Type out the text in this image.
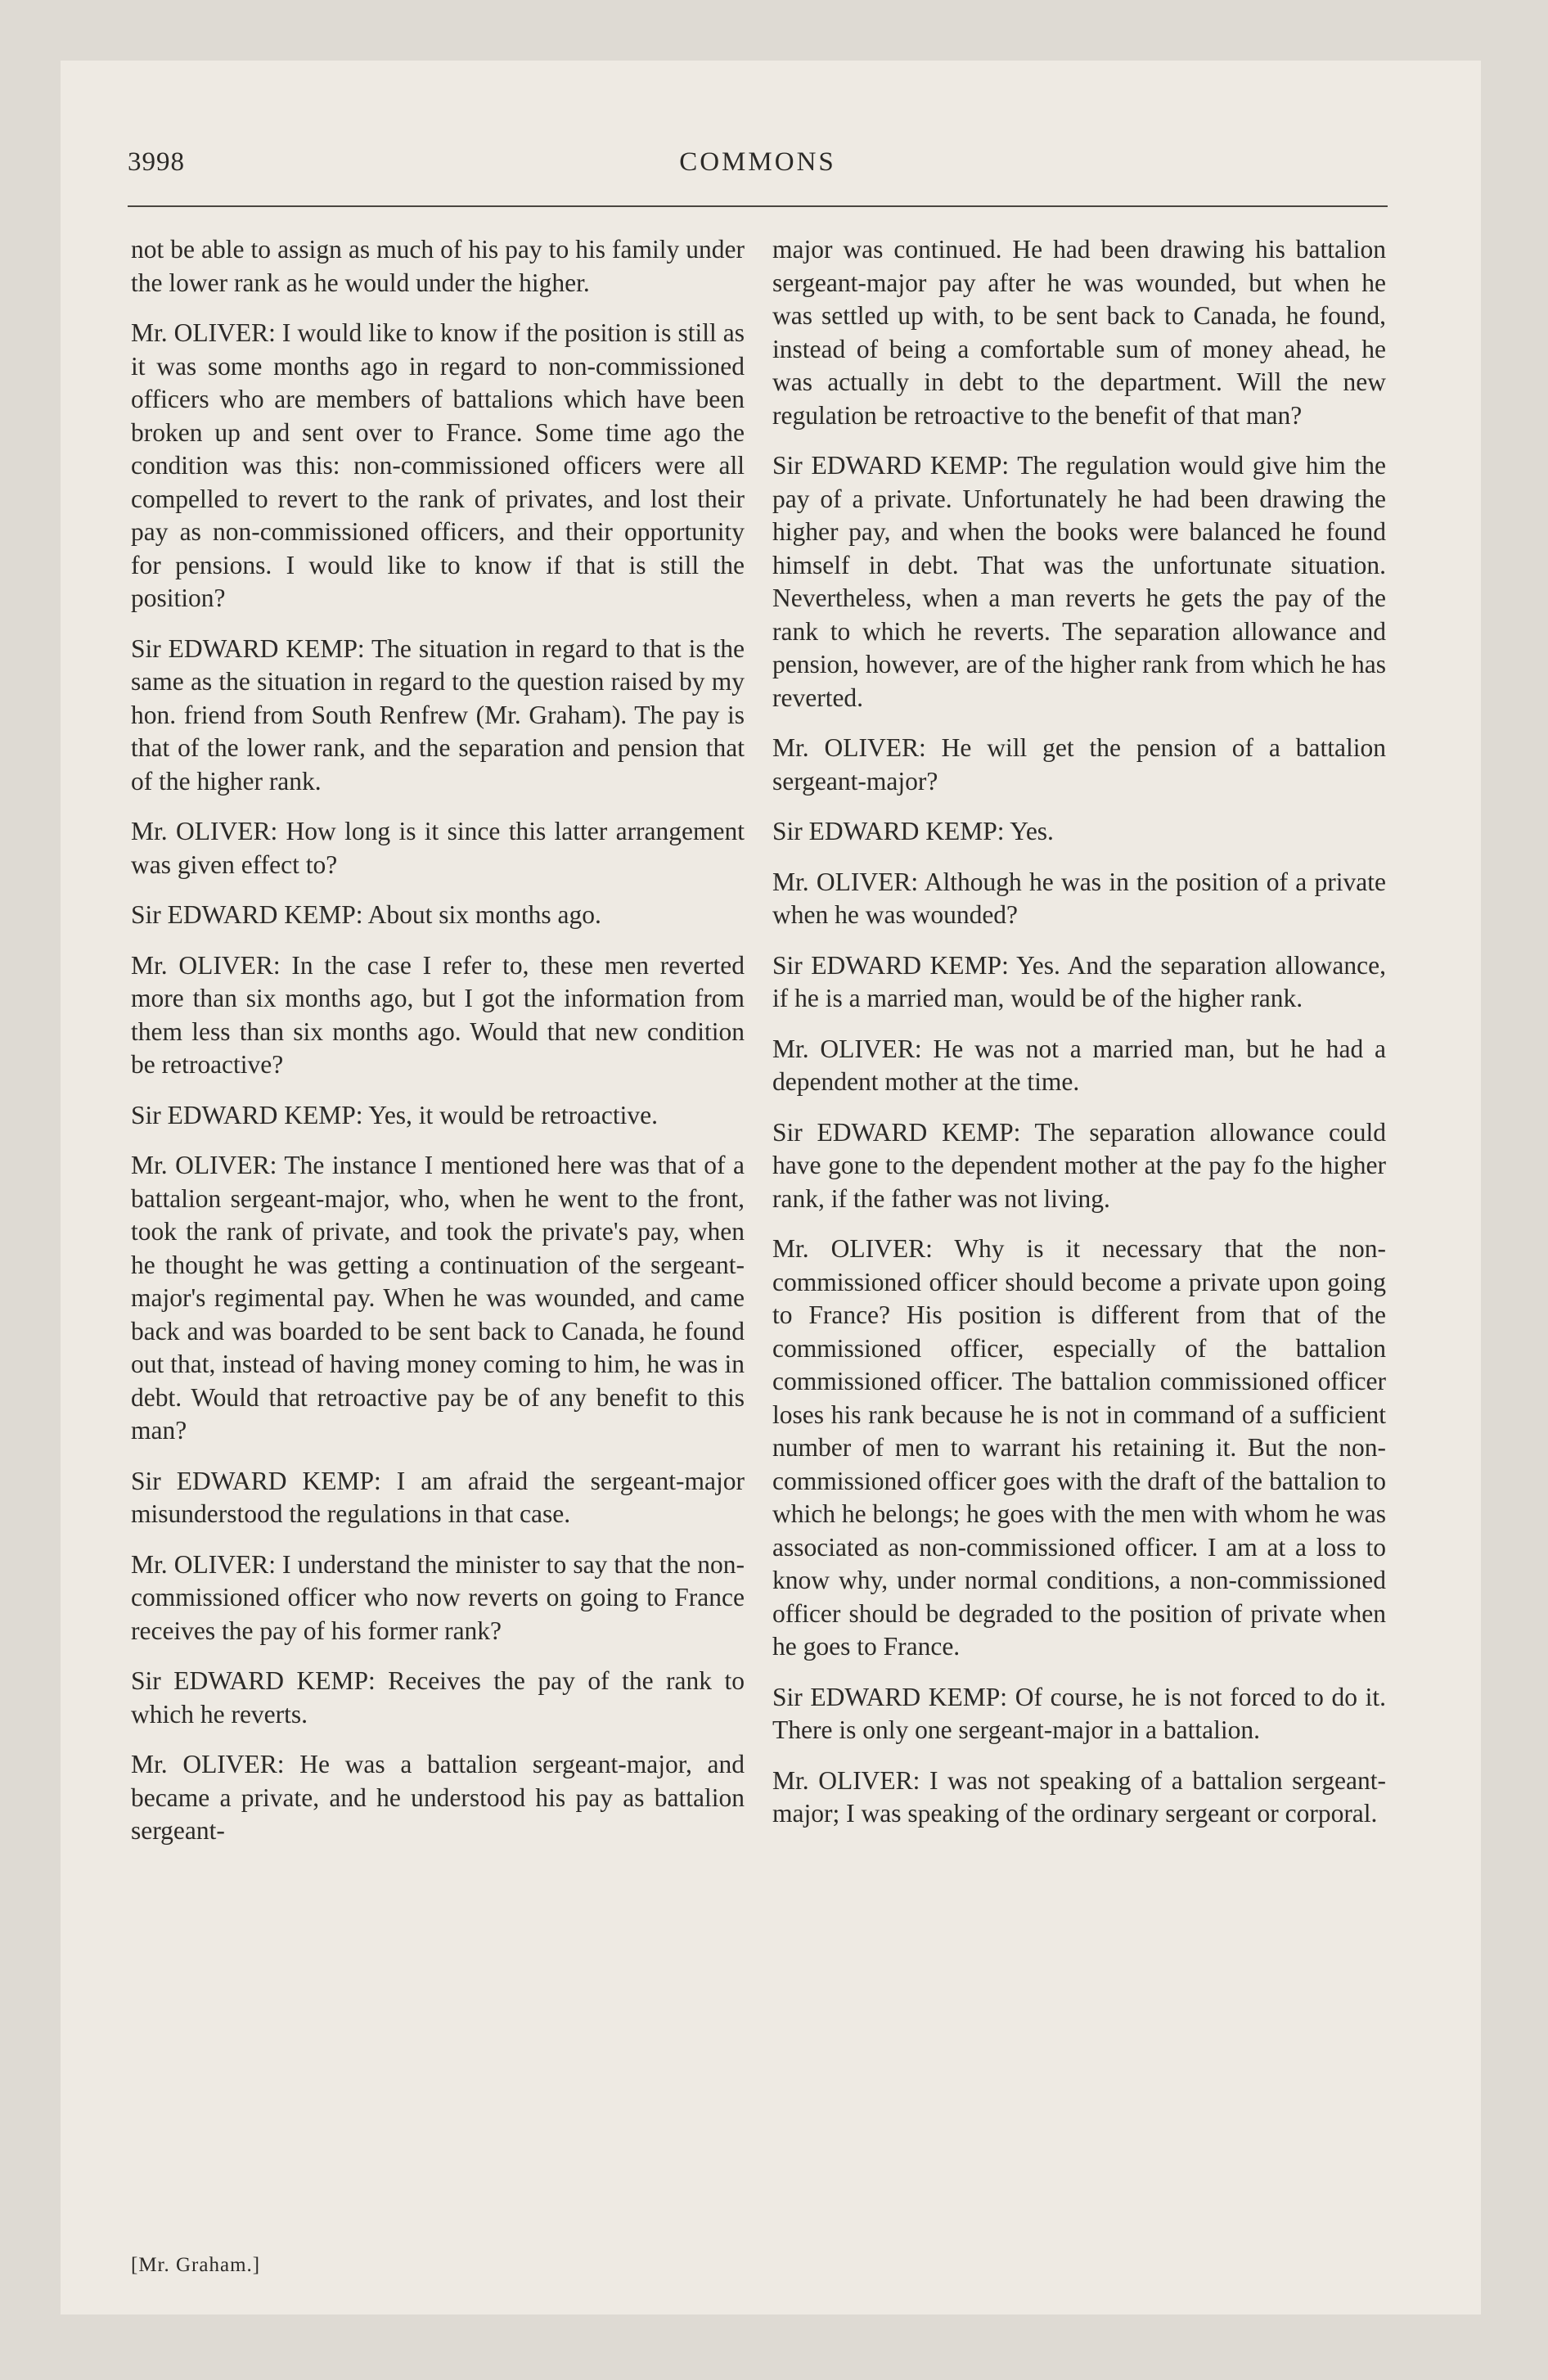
3998	COMMONS

not be able to assign as much of his pay to his family under the lower rank as he would under the higher.

Mr. OLIVER: I would like to know if the position is still as it was some months ago in regard to non-commissioned officers who are members of battalions which have been broken up and sent over to France. Some time ago the condition was this: non-commissioned officers were all compelled to revert to the rank of privates, and lost their pay as non-commissioned officers, and their opportunity for pensions. I would like to know if that is still the position?

Sir EDWARD KEMP: The situation in regard to that is the same as the situation in regard to the question raised by my hon. friend from South Renfrew (Mr. Graham). The pay is that of the lower rank, and the separation and pension that of the higher rank.

Mr. OLIVER: How long is it since this latter arrangement was given effect to?

Sir EDWARD KEMP: About six months ago.

Mr. OLIVER: In the case I refer to, these men reverted more than six months ago, but I got the information from them less than six months ago. Would that new condition be retroactive?

Sir EDWARD KEMP: Yes, it would be retroactive.

Mr. OLIVER: The instance I mentioned here was that of a battalion sergeant-major, who, when he went to the front, took the rank of private, and took the private's pay, when he thought he was getting a continuation of the sergeant-major's regimental pay. When he was wounded, and came back and was boarded to be sent back to Canada, he found out that, instead of having money coming to him, he was in debt. Would that retroactive pay be of any benefit to this man?

Sir EDWARD KEMP: I am afraid the sergeant-major misunderstood the regulations in that case.

Mr. OLIVER: I understand the minister to say that the non-commissioned officer who now reverts on going to France receives the pay of his former rank?

Sir EDWARD KEMP: Receives the pay of the rank to which he reverts.

Mr. OLIVER: He was a battalion sergeant-major, and became a private, and he understood his pay as battalion sergeant-

[Mr. Graham.]

major was continued. He had been drawing his battalion sergeant-major pay after he was wounded, but when he was settled up with, to be sent back to Canada, he found, instead of being a comfortable sum of money ahead, he was actually in debt to the department. Will the new regulation be retroactive to the benefit of that man?

Sir EDWARD KEMP: The regulation would give him the pay of a private. Unfortunately he had been drawing the higher pay, and when the books were balanced he found himself in debt. That was the unfortunate situation. Nevertheless, when a man reverts he gets the pay of the rank to which he reverts. The separation allowance and pension, however, are of the higher rank from which he has reverted.

Mr. OLIVER: He will get the pension of a battalion sergeant-major?

Sir EDWARD KEMP: Yes.

Mr. OLIVER: Although he was in the position of a private when he was wounded?

Sir EDWARD KEMP: Yes. And the separation allowance, if he is a married man, would be of the higher rank.

Mr. OLIVER: He was not a married man, but he had a dependent mother at the time.

Sir EDWARD KEMP: The separation allowance could have gone to the dependent mother at the pay fo the higher rank, if the father was not living.

Mr. OLIVER: Why is it necessary that the non-commissioned officer should become a private upon going to France? His position is different from that of the commissioned officer, especially of the battalion commissioned officer. The battalion commissioned officer loses his rank because he is not in command of a sufficient number of men to warrant his retaining it. But the non-commissioned officer goes with the draft of the battalion to which he belongs; he goes with the men with whom he was associated as non-commissioned officer. I am at a loss to know why, under normal conditions, a non-commissioned officer should be degraded to the position of private when he goes to France.

Sir EDWARD KEMP: Of course, he is not forced to do it. There is only one sergeant-major in a battalion.

Mr. OLIVER: I was not speaking of a battalion sergeant-major; I was speaking of the ordinary sergeant or corporal.
